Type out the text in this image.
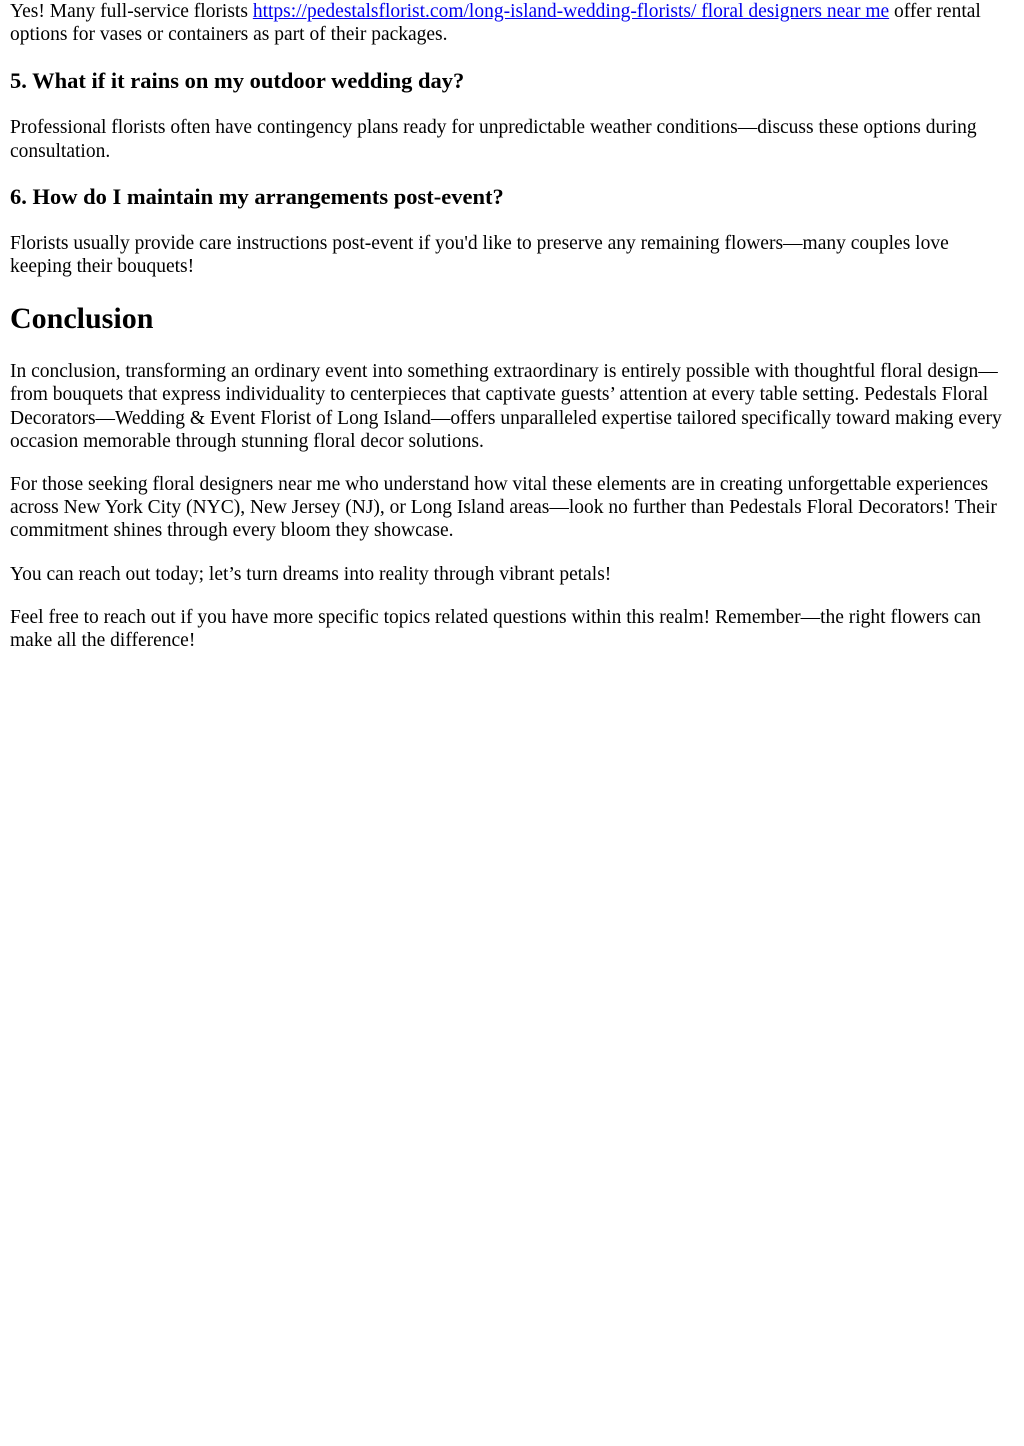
Yes! Many full-service florists https://pedestalsflorist.com/long-island-wedding-florists/ floral designers near me offer rental options for vases or containers as part of their packages.

5. What if it rains on my outdoor wedding day?

Professional florists often have contingency plans ready for unpredictable weather conditions—discuss these options during consultation.

6. How do I maintain my arrangements post-event?

Florists usually provide care instructions post-event if you'd like to preserve any remaining flowers—many couples love keeping their bouquets!

Conclusion

In conclusion, transforming an ordinary event into something extraordinary is entirely possible with thoughtful floral design—from bouquets that express individuality to centerpieces that captivate guests’ attention at every table setting. Pedestals Floral Decorators—Wedding & Event Florist of Long Island—offers unparalleled expertise tailored specifically toward making every occasion memorable through stunning floral decor solutions.

For those seeking floral designers near me who understand how vital these elements are in creating unforgettable experiences across New York City (NYC), New Jersey (NJ), or Long Island areas—look no further than Pedestals Floral Decorators! Their commitment shines through every bloom they showcase.

You can reach out today; let’s turn dreams into reality through vibrant petals!

Feel free to reach out if you have more specific topics related questions within this realm! Remember—the right flowers can make all the difference!
